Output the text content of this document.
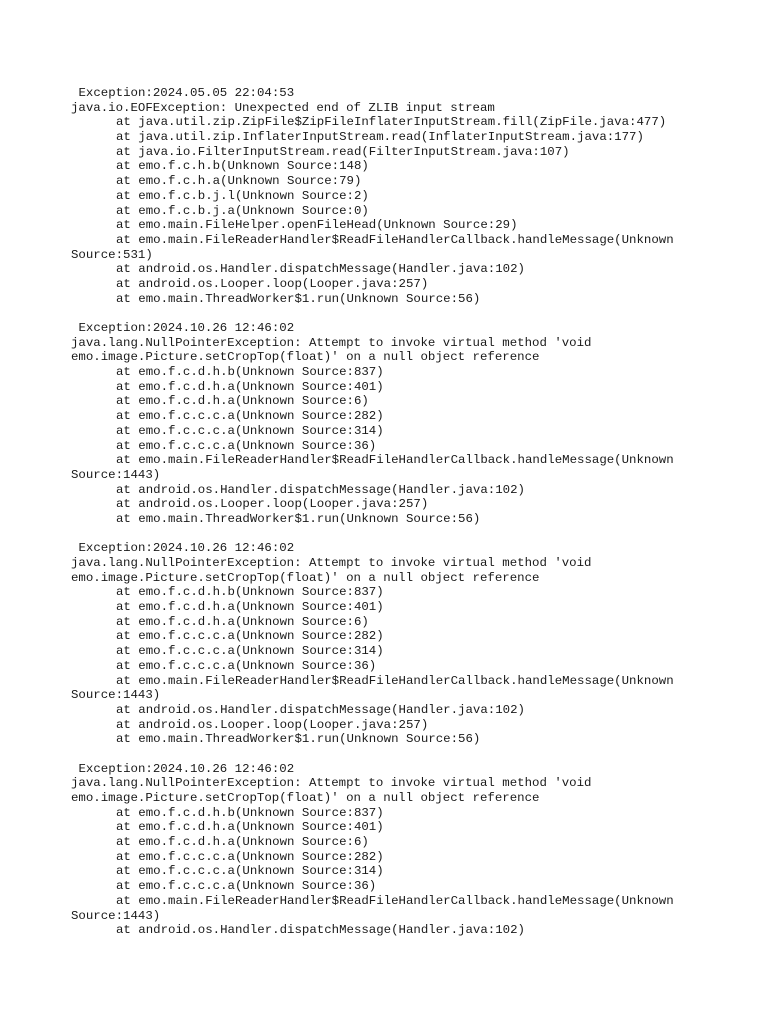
Exception:2024.05.05 22:04:53
java.io.EOFException: Unexpected end of ZLIB input stream
at java.util.zip.ZipFile$ZipFileInflaterInputStream.fill(ZipFile.java:477)
at java.util.zip.InflaterInputStream.read(InflaterInputStream.java:177)
at java.io.FilterInputStream.read(FilterInputStream.java:107)
at emo.f.c.h.b(Unknown Source:148)
at emo.f.c.h.a(Unknown Source:79)
at emo.f.c.b.j.l(Unknown Source:2)
at emo.f.c.b.j.a(Unknown Source:0)
at emo.main.FileHelper.openFileHead(Unknown Source:29)
at emo.main.FileReaderHandler$ReadFileHandlerCallback.handleMessage(Unknown
Source:531)
at android.os.Handler.dispatchMessage(Handler.java:102)
at android.os.Looper.loop(Looper.java:257)
at emo.main.ThreadWorker$1.run(Unknown Source:56)
Exception:2024.10.26 12:46:02
java.lang.NullPointerException: Attempt to invoke virtual method 'void
emo.image.Picture.setCropTop(float)' on a null object reference
at emo.f.c.d.h.b(Unknown Source:837)
at emo.f.c.d.h.a(Unknown Source:401)
at emo.f.c.d.h.a(Unknown Source:6)
at emo.f.c.c.c.a(Unknown Source:282)
at emo.f.c.c.c.a(Unknown Source:314)
at emo.f.c.c.c.a(Unknown Source:36)
at emo.main.FileReaderHandler$ReadFileHandlerCallback.handleMessage(Unknown
Source:1443)
at android.os.Handler.dispatchMessage(Handler.java:102)
at android.os.Looper.loop(Looper.java:257)
at emo.main.ThreadWorker$1.run(Unknown Source:56)
Exception:2024.10.26 12:46:02
java.lang.NullPointerException: Attempt to invoke virtual method 'void
emo.image.Picture.setCropTop(float)' on a null object reference
at emo.f.c.d.h.b(Unknown Source:837)
at emo.f.c.d.h.a(Unknown Source:401)
at emo.f.c.d.h.a(Unknown Source:6)
at emo.f.c.c.c.a(Unknown Source:282)
at emo.f.c.c.c.a(Unknown Source:314)
at emo.f.c.c.c.a(Unknown Source:36)
at emo.main.FileReaderHandler$ReadFileHandlerCallback.handleMessage(Unknown
Source:1443)
at android.os.Handler.dispatchMessage(Handler.java:102)
at android.os.Looper.loop(Looper.java:257)
at emo.main.ThreadWorker$1.run(Unknown Source:56)
Exception:2024.10.26 12:46:02
java.lang.NullPointerException: Attempt to invoke virtual method 'void
emo.image.Picture.setCropTop(float)' on a null object reference
at emo.f.c.d.h.b(Unknown Source:837)
at emo.f.c.d.h.a(Unknown Source:401)
at emo.f.c.d.h.a(Unknown Source:6)
at emo.f.c.c.c.a(Unknown Source:282)
at emo.f.c.c.c.a(Unknown Source:314)
at emo.f.c.c.c.a(Unknown Source:36)
at emo.main.FileReaderHandler$ReadFileHandlerCallback.handleMessage(Unknown
Source:1443)
at android.os.Handler.dispatchMessage(Handler.java:102)
